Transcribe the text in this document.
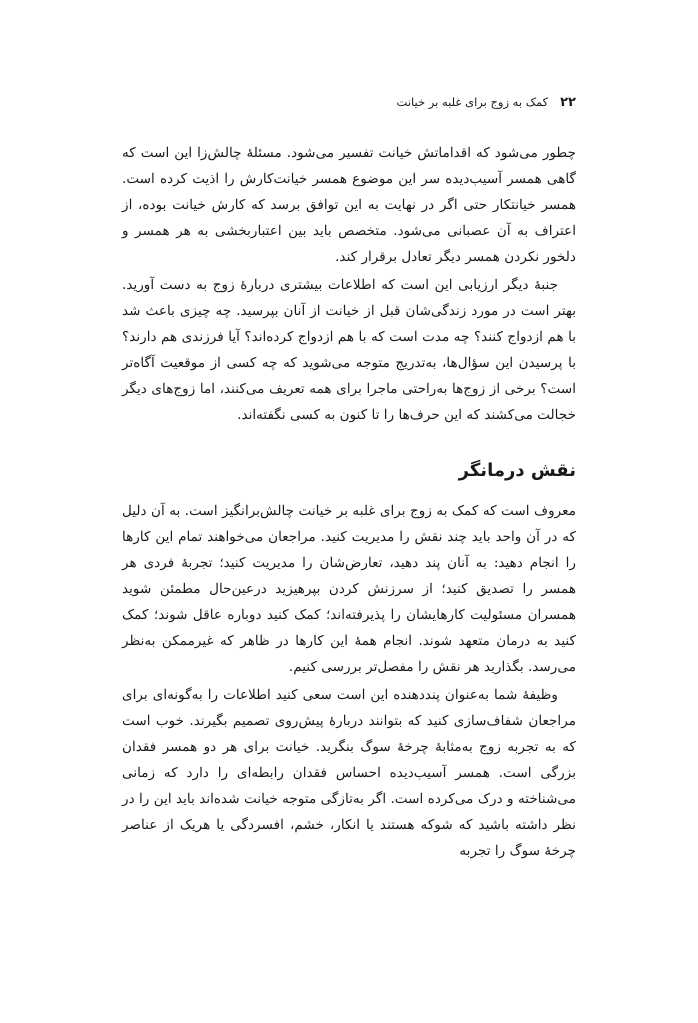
۲۲
کمک به زوج برای غلبه بر خیانت

چطور می‌شود که اقداماتش خیانت تفسیر می‌شود. مسئلهٔ چالش‌زا این است که گاهی همسر آسیب‌دیده سر این موضوع همسر خیانت‌کارش را اذیت کرده است. همسر خیانتکار حتی اگر در نهایت به این توافق برسد که کارش خیانت بوده، از اعتراف به آن عصبانی می‌شود. متخصص باید بین اعتباربخشی به هر همسر و دلخور نکردن همسر دیگر تعادل برقرار کند.

جنبهٔ دیگر ارزیابی این است که اطلاعات بیشتری دربارهٔ زوج به دست آورید. بهتر است در مورد زندگی‌شان قبل از خیانت از آنان بپرسید. چه چیزی باعث شد با هم ازدواج کنند؟ چه مدت است که با هم ازدواج کرده‌اند؟ آیا فرزندی هم دارند؟ با پرسیدن این سؤال‌ها، به‌تدریج متوجه می‌شوید که چه کسی از موقعیت آگاه‌تر است؟ برخی از زوج‌ها به‌راحتی ماجرا برای همه تعریف می‌کنند، اما زوج‌های دیگر خجالت می‌کشند که این حرف‌ها را تا کنون به کسی نگفته‌اند.

نقش درمانگر

معروف است که کمک به زوج برای غلبه بر خیانت چالش‌برانگیز است. به آن دلیل که در آن واحد باید چند نقش را مدیریت کنید. مراجعان می‌خواهند تمام این کارها را انجام دهید: به آنان پند دهید، تعارض‌شان را مدیریت کنید؛ تجربهٔ فردی هر همسر را تصدیق کنید؛ از سرزنش کردن بپرهیزید درعین‌حال مطمئن شوید همسران مسئولیت کارهایشان را پذیرفته‌اند؛ کمک کنید دوباره عاقل شوند؛ کمک کنید به درمان متعهد شوند. انجام همهٔ این کارها در ظاهر که غیرممکن به‌نظر می‌رسد. بگذارید هر نقش را مفصل‌تر بررسی کنیم.

وظیفهٔ شما به‌عنوان پنددهنده این است سعی کنید اطلاعات را به‌گونه‌ای برای مراجعان شفاف‌سازی کنید که بتوانند دربارهٔ پیش‌روی تصمیم بگیرند. خوب است که به تجربه زوج به‌مثابهٔ چرخهٔ سوگ بنگرید. خیانت برای هر دو همسر فقدان بزرگی است. همسر آسیب‌دیده احساس فقدان رابطه‌ای را دارد که زمانی می‌شناخته و درک می‌کرده است. اگر به‌تازگی متوجه خیانت شده‌اند باید این را در نظر داشته باشید که شوکه هستند یا انکار، خشم، افسردگی یا هریک از عناصر چرخهٔ سوگ را تجربه
